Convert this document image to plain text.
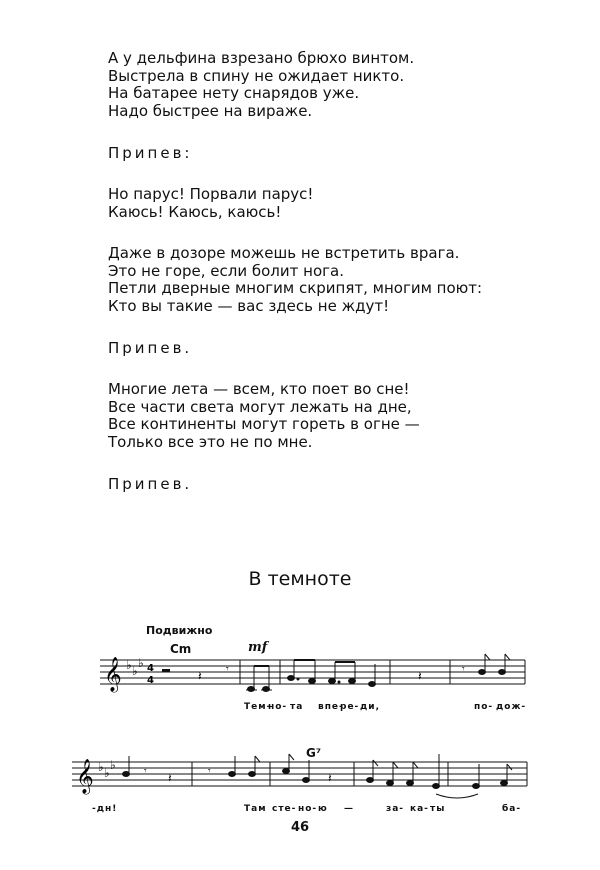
А у дельфина взрезано брюхо винтом.
Выстрела в спину не ожидает никто.
На батарее нету снарядов уже.
Надо быстрее на вираже.
Припев:
Но парус! Порвали парус!
Каюсь! Каюсь, каюсь!
Даже в дозоре можешь не встретить врага.
Это не горе, если болит нога.
Петли дверные многим скрипят, многим поют:
Кто вы такие — вас здесь не ждут!
Припев.
Многие лета — всем, кто поет во сне!
Все части света могут лежать на дне,
Все континенты могут гореть в огне —
Только все это не по мне.
Припев.
В темноте
Подвижно
Cm	mf
𝄞 ♭ ♭
♭ 4
4	𝄽 𝄾	𝄽	𝄾
Тем-
но- та впе-
ре- ди,	по- дож-
G⁷
𝄞 ♭ ♭
♭	𝄾 𝄽	𝄾	𝄽
-дн!	Там сте- но- ю —	за- ка- ты	ба-
46
